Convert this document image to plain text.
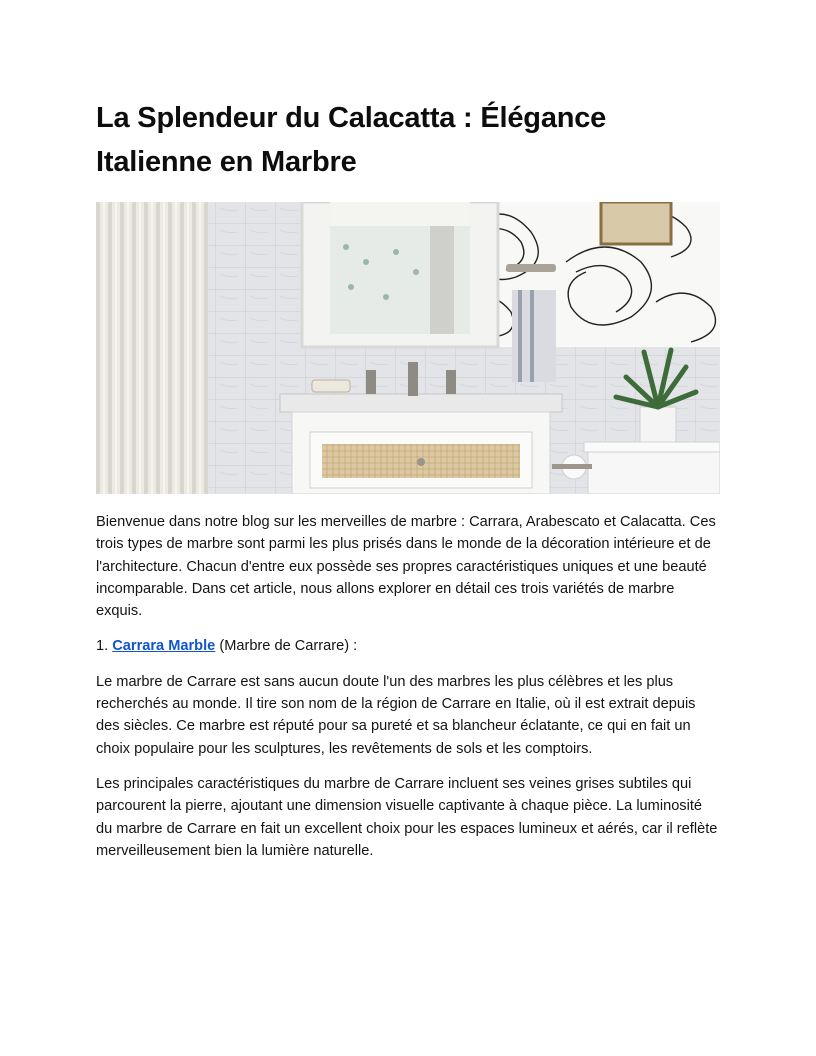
La Splendeur du Calacatta : Élégance Italienne en Marbre

Bienvenue dans notre blog sur les merveilles de marbre : Carrara, Arabescato et Calacatta. Ces trois types de marbre sont parmi les plus prisés dans le monde de la décoration intérieure et de l'architecture. Chacun d'entre eux possède ses propres caractéristiques uniques et une beauté incomparable. Dans cet article, nous allons explorer en détail ces trois variétés de marbre exquis.

1. Carrara Marble (Marbre de Carrare) :

Le marbre de Carrare est sans aucun doute l'un des marbres les plus célèbres et les plus recherchés au monde. Il tire son nom de la région de Carrare en Italie, où il est extrait depuis des siècles. Ce marbre est réputé pour sa pureté et sa blancheur éclatante, ce qui en fait un choix populaire pour les sculptures, les revêtements de sols et les comptoirs.

Les principales caractéristiques du marbre de Carrare incluent ses veines grises subtiles qui parcourent la pierre, ajoutant une dimension visuelle captivante à chaque pièce. La luminosité du marbre de Carrare en fait un excellent choix pour les espaces lumineux et aérés, car il reflète merveilleusement bien la lumière naturelle.
